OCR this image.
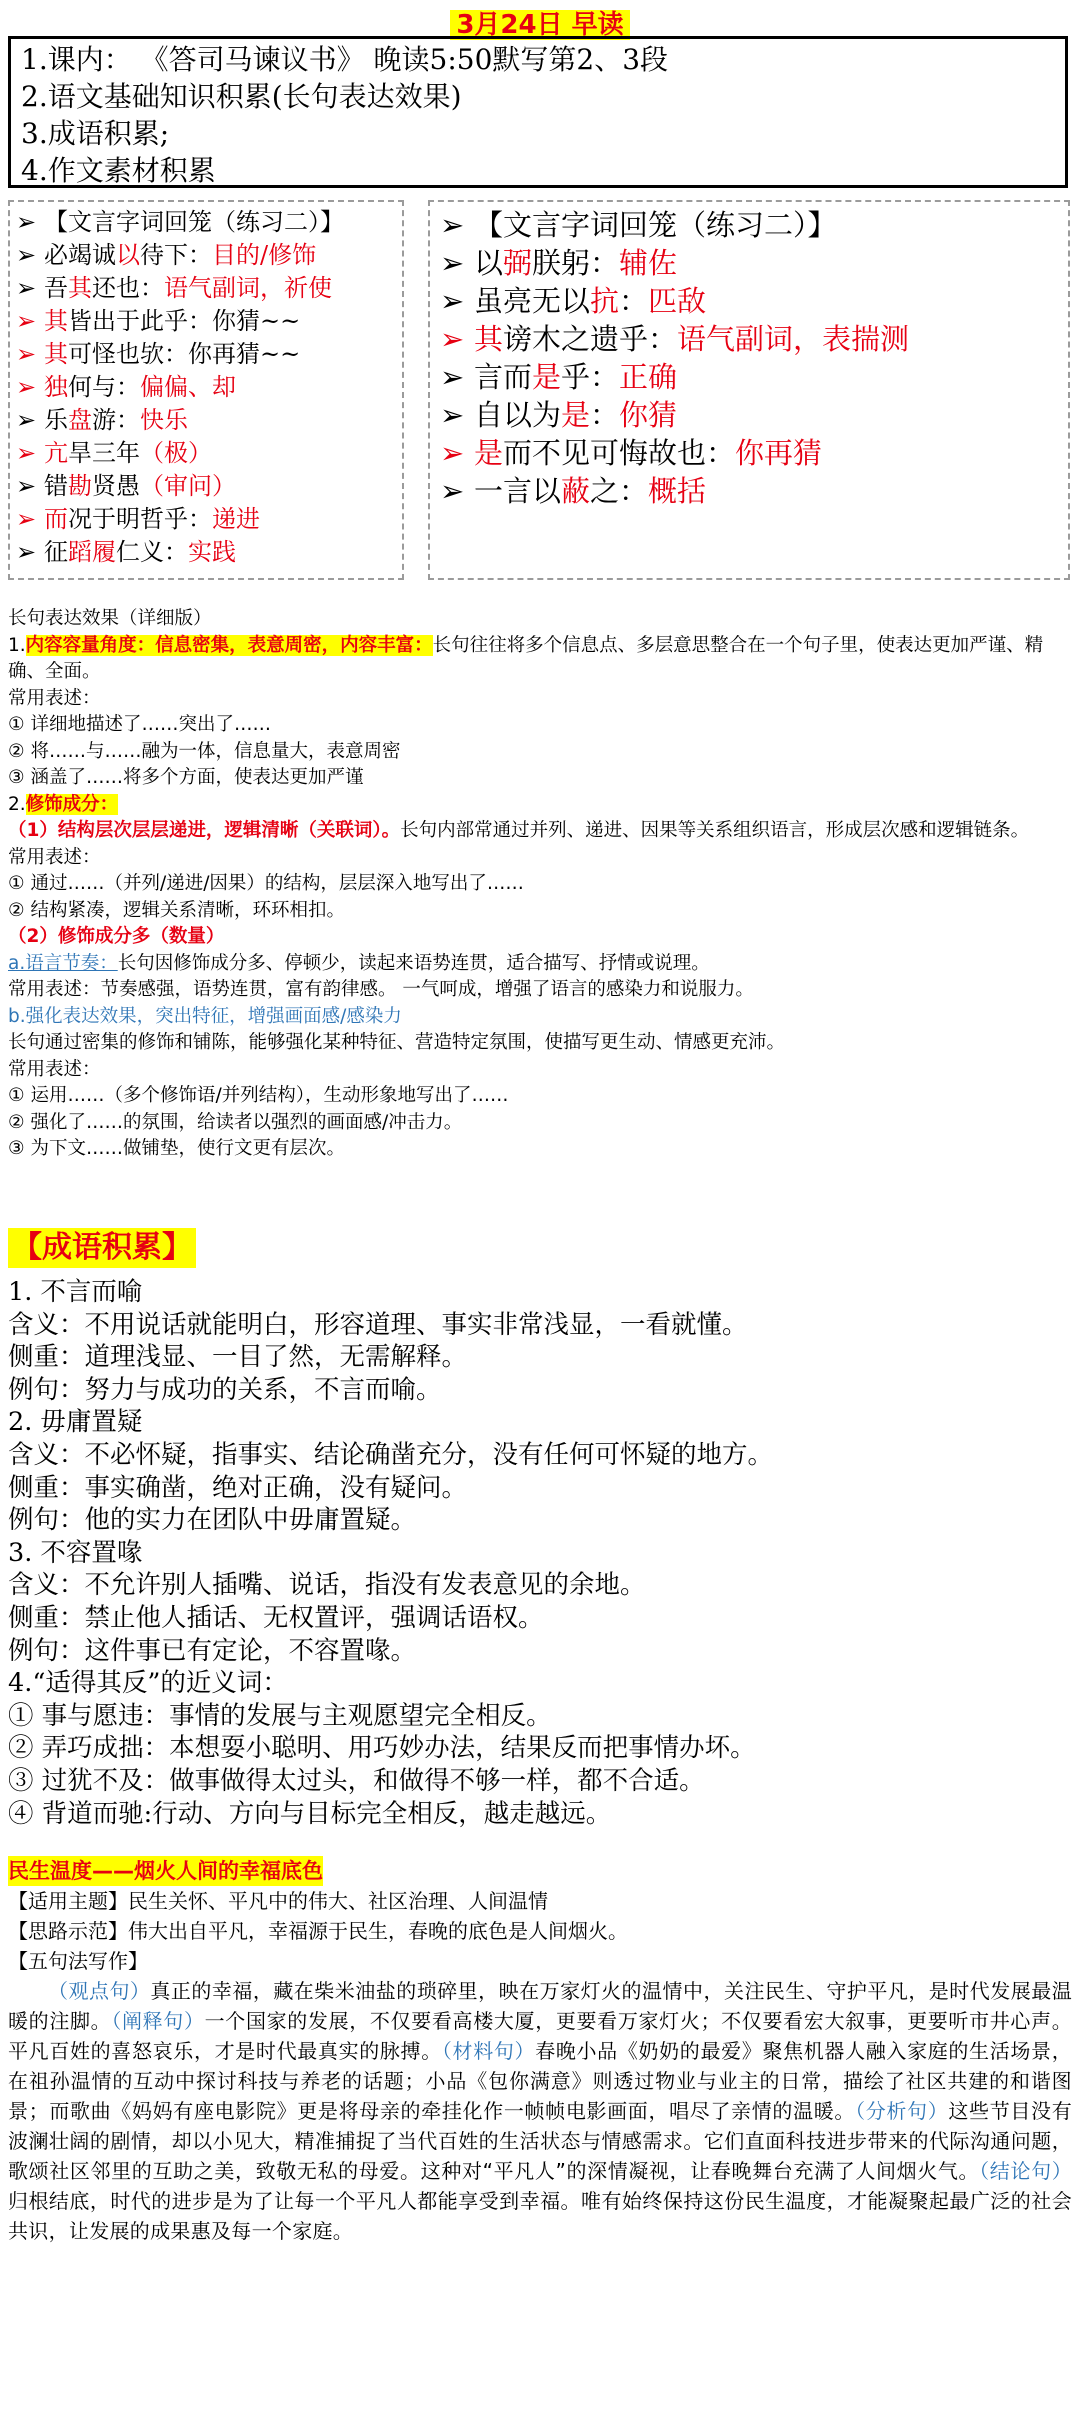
3月24日 早读
1.课内： 《答司马谏议书》 晚读5:50默写第2、3段
2.语文基础知识积累(长句表达效果)
3.成语积累;
4.作文素材积累
➢ 【文言字词回笼（练习二）】
➢ 必竭诚 以 待下： 目的/修饰
➢ 吾 其 还也： 语气副词，祈使
➢ 其 皆出于此乎：你猜~~
➢ 其 可怪也欤：你再猜~~
➢ 独 何与： 偏偏、却
➢ 乐 盘 游： 快乐
➢ 亢 旱三年 （极）
➢ 错 勘 贤愚 （审问）
➢ 而 况于明哲乎： 递进
➢ 征 蹈履 仁义： 实践
➢ 【文言字词回笼（练习二）】
➢ 以 弼 朕躬： 辅佐
➢ 虽亮无以 抗 ： 匹敌
➢ 其 谤木之遗乎： 语气副词，表揣测
➢ 言而 是 乎： 正确
➢ 自以为 是 ： 你猜
➢ 是 而不见可悔故也： 你再猜
➢ 一言以 蔽 之： 概括

长句表达效果（详细版）

1.内容容量角度：信息密集，表意周密，内容丰富：长句往往将多个信息点、多层意思整合在一个句子里，使表达更加严谨、精确、全面。

常用表述：

① 详细地描述了……突出了……

② 将……与……融为一体，信息量大，表意周密

③ 涵盖了……将多个方面，使表达更加严谨

2.修饰成分：

（1）结构层次层层递进，逻辑清晰（关联词）。长句内部常通过并列、递进、因果等关系组织语言，形成层次感和逻辑链条。

常用表述：

① 通过……（并列/递进/因果）的结构，层层深入地写出了……

② 结构紧凑，逻辑关系清晰，环环相扣。

（2）修饰成分多（数量）

a.语言节奏：长句因修饰成分多、停顿少，读起来语势连贯，适合描写、抒情或说理。

常用表述：节奏感强，语势连贯，富有韵律感。 一气呵成，增强了语言的感染力和说服力。

b.强化表达效果，突出特征，增强画面感/感染力

长句通过密集的修饰和铺陈，能够强化某种特征、营造特定氛围，使描写更生动、情感更充沛。

常用表述：

① 运用……（多个修饰语/并列结构），生动形象地写出了……

② 强化了……的氛围，给读者以强烈的画面感/冲击力。

③ 为下文……做铺垫，使行文更有层次。

【成语积累】

1. 不言而喻

含义：不用说话就能明白，形容道理、事实非常浅显，一看就懂。

侧重：道理浅显、一目了然，无需解释。

例句：努力与成功的关系，不言而喻。

2. 毋庸置疑

含义：不必怀疑，指事实、结论确凿充分，没有任何可怀疑的地方。

侧重：事实确凿，绝对正确，没有疑问。

例句：他的实力在团队中毋庸置疑。

3. 不容置喙

含义：不允许别人插嘴、说话，指没有发表意见的余地。

侧重：禁止他人插话、无权置评，强调话语权。

例句：这件事已有定论，不容置喙。

4.“适得其反”的近义词：

① 事与愿违：事情的发展与主观愿望完全相反。

② 弄巧成拙：本想耍小聪明、用巧妙办法，结果反而把事情办坏。

③ 过犹不及：做事做得太过头，和做得不够一样，都不合适。

④ 背道而驰:行动、方向与目标完全相反，越走越远。

民生温度——烟火人间的幸福底色

【适用主题】民生关怀、平凡中的伟大、社区治理、人间温情

【思路示范】伟大出自平凡，幸福源于民生，春晚的底色是人间烟火。

【五句法写作】

（观点句）真正的幸福，藏在柴米油盐的琐碎里，映在万家灯火的温情中，关注民生、守护平凡，是时代发展最温暖的注脚。（阐释句）一个国家的发展，不仅要看高楼大厦，更要看万家灯火；不仅要看宏大叙事，更要听市井心声。平凡百姓的喜怒哀乐，才是时代最真实的脉搏。（材料句）春晚小品《奶奶的最爱》聚焦机器人融入家庭的生活场景，在祖孙温情的互动中探讨科技与养老的话题；小品《包你满意》则透过物业与业主的日常，描绘了社区共建的和谐图景；而歌曲《妈妈有座电影院》更是将母亲的牵挂化作一帧帧电影画面，唱尽了亲情的温暖。（分析句）这些节目没有波澜壮阔的剧情，却以小见大，精准捕捉了当代百姓的生活状态与情感需求。它们直面科技进步带来的代际沟通问题，歌颂社区邻里的互助之美，致敬无私的母爱。这种对“平凡人”的深情凝视，让春晚舞台充满了人间烟火气。（结论句）归根结底，时代的进步是为了让每一个平凡人都能享受到幸福。唯有始终保持这份民生温度，才能凝聚起最广泛的社会共识，让发展的成果惠及每一个家庭。
